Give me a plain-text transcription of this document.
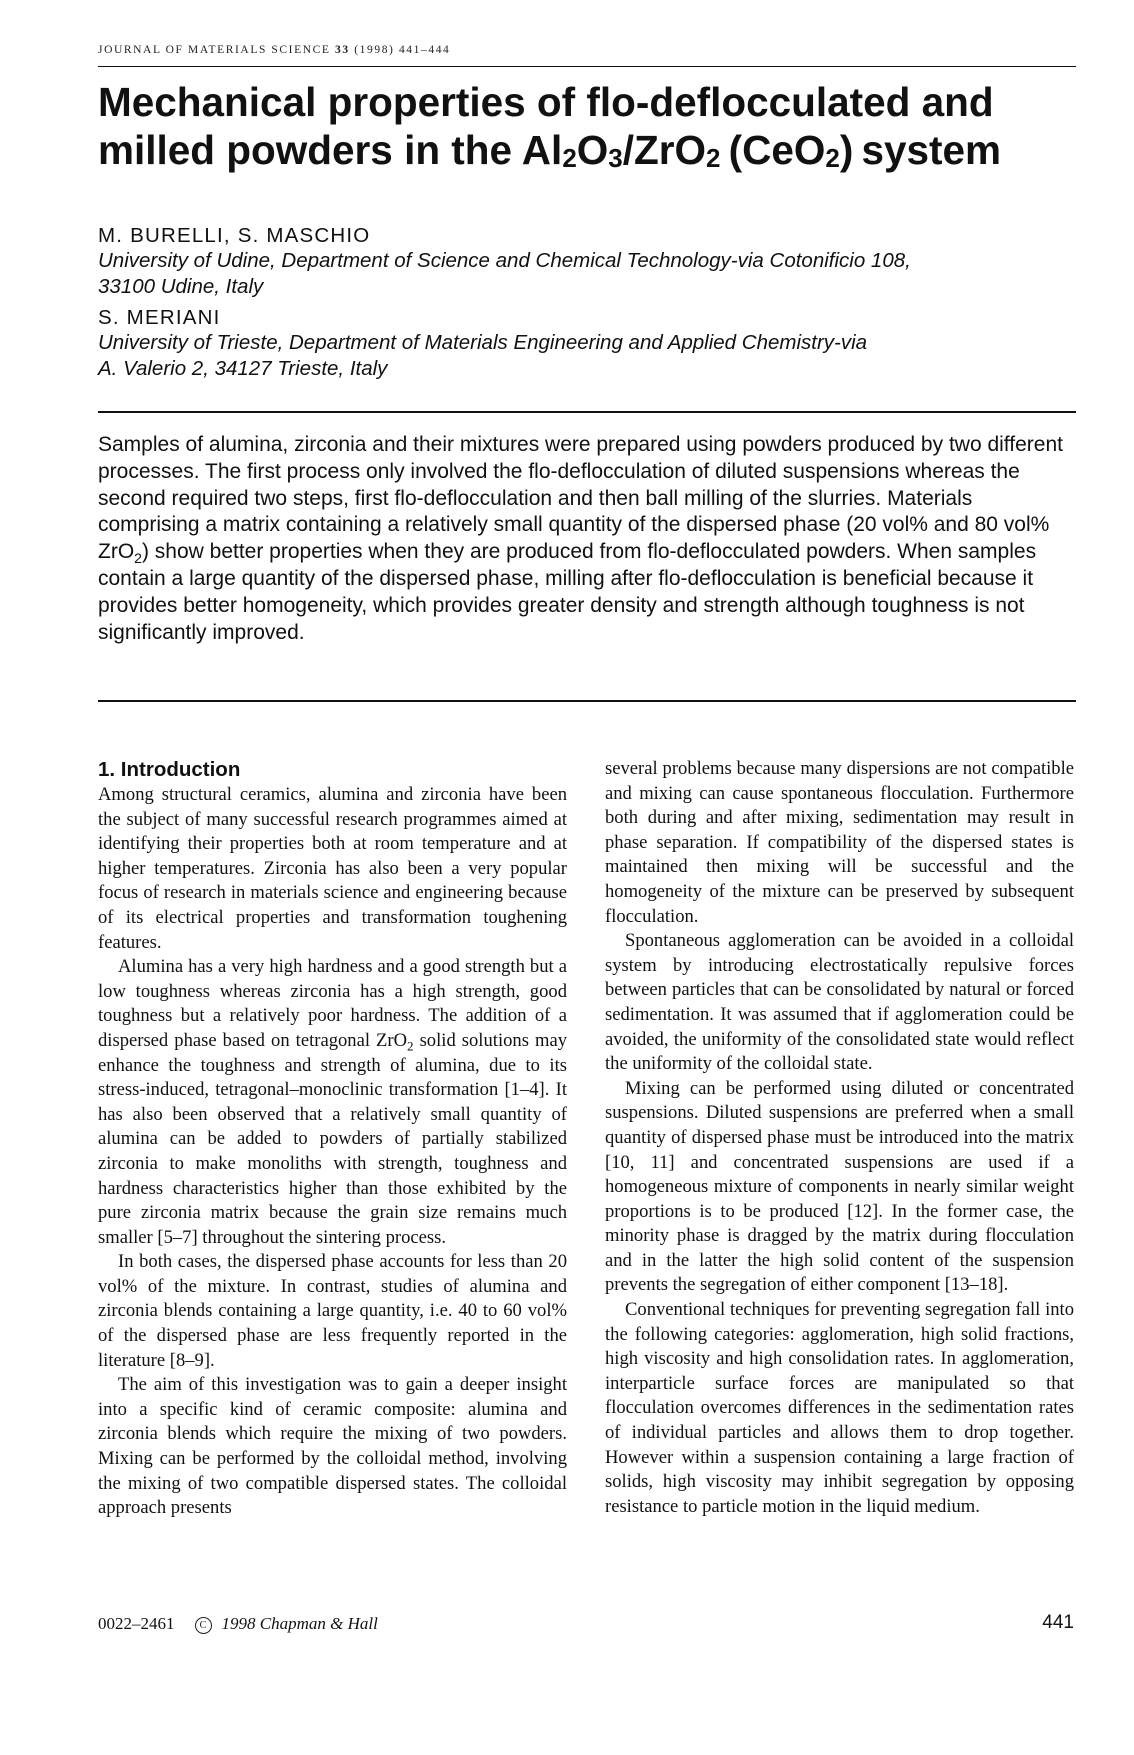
JOURNAL OF MATERIALS SCIENCE 33 (1998) 441–444
Mechanical properties of flo-deflocculated and
milled powders in the $Al_2O_3/ZrO_2$ (CeO$_2$) system
M. BURELLI, S. MASCHIO
University of Udine, Department of Science and Chemical Technology-via Cotonificio 108,
33100 Udine, Italy
S. MERIANI
University of Trieste, Department of Materials Engineering and Applied Chemistry-via
A. Valerio 2, 34127 Trieste, Italy

Samples of alumina, zirconia and their mixtures were prepared using powders produced by two different processes. The first process only involved the flo-deflocculation of diluted suspensions whereas the second required two steps, first flo-deflocculation and then ball milling of the slurries. Materials comprising a matrix containing a relatively small quantity of the dispersed phase (20 vol% and 80 vol% ZrO$_2$) show better properties when they are produced from flo-deflocculated powders. When samples contain a large quantity of the dispersed phase, milling after flo-deflocculation is beneficial because it provides better homogeneity, which provides greater density and strength although toughness is not significantly improved.

1. Introduction

Among structural ceramics, alumina and zirconia have been the subject of many successful research programmes aimed at identifying their properties both at room temperature and at higher temperatures. Zirconia has also been a very popular focus of research in materials science and engineering because of its electrical properties and transformation toughening features.

Alumina has a very high hardness and a good strength but a low toughness whereas zirconia has a high strength, good toughness but a relatively poor hardness. The addition of a dispersed phase based on tetragonal ZrO$_2$ solid solutions may enhance the toughness and strength of alumina, due to its stress-induced, tetragonal–monoclinic transformation [1–4]. It has also been observed that a relatively small quantity of alumina can be added to powders of partially stabilized zirconia to make monoliths with strength, toughness and hardness characteristics higher than those exhibited by the pure zirconia matrix because the grain size remains much smaller [5–7] throughout the sintering process.

In both cases, the dispersed phase accounts for less than 20 vol% of the mixture. In contrast, studies of alumina and zirconia blends containing a large quantity, i.e. 40 to 60 vol% of the dispersed phase are less frequently reported in the literature [8–9].

The aim of this investigation was to gain a deeper insight into a specific kind of ceramic composite: alumina and zirconia blends which require the mixing of two powders. Mixing can be performed by the colloidal method, involving the mixing of two compatible dispersed states. The colloidal approach presents

several problems because many dispersions are not compatible and mixing can cause spontaneous flocculation. Furthermore both during and after mixing, sedimentation may result in phase separation. If compatibility of the dispersed states is maintained then mixing will be successful and the homogeneity of the mixture can be preserved by subsequent flocculation.

Spontaneous agglomeration can be avoided in a colloidal system by introducing electrostatically repulsive forces between particles that can be consolidated by natural or forced sedimentation. It was assumed that if agglomeration could be avoided, the uniformity of the consolidated state would reflect the uniformity of the colloidal state.

Mixing can be performed using diluted or concentrated suspensions. Diluted suspensions are preferred when a small quantity of dispersed phase must be introduced into the matrix [10, 11] and concentrated suspensions are used if a homogeneous mixture of components in nearly similar weight proportions is to be produced [12]. In the former case, the minority phase is dragged by the matrix during flocculation and in the latter the high solid content of the suspension prevents the segregation of either component [13–18].

Conventional techniques for preventing segregation fall into the following categories: agglomeration, high solid fractions, high viscosity and high consolidation rates. In agglomeration, interparticle surface forces are manipulated so that flocculation overcomes differences in the sedimentation rates of individual particles and allows them to drop together. However within a suspension containing a large fraction of solids, high viscosity may inhibit segregation by opposing resistance to particle motion in the liquid medium.

0022–2461	C 1998 Chapman & Hall	441
